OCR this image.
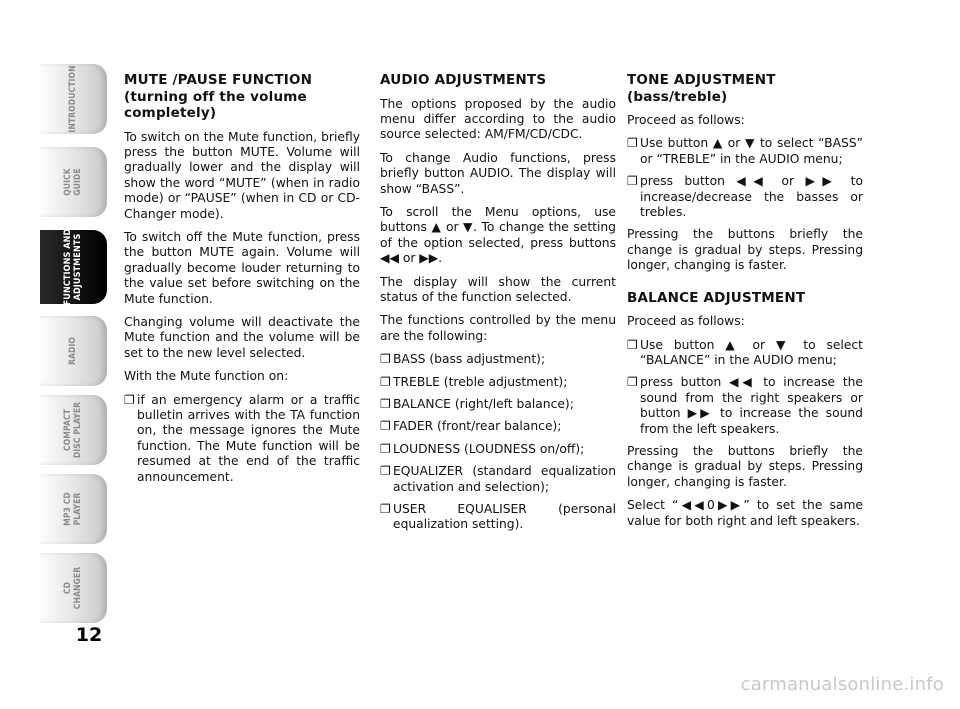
INTRODUCTION
QUICK
GUIDE
FUNCTIONS AND
ADJUSTMENTS
RADIO
COMPACT
DISC PLAYER
MP3 CD
PLAYER
CD
CHANGER
12
MUTE /PAUSE FUNCTION
(turning off the volume completely)

To switch on the Mute function, briefly press the button MUTE. Volume will gradually lower and the display will show the word “MUTE” (when in radio mode) or “PAUSE” (when in CD or CD-Changer mode).

To switch off the Mute function, press the button MUTE again. Volume will gradually become louder returning to the value set before switching on the Mute function.

Changing volume will deactivate the Mute function and the volume will be set to the new level selected.

With the Mute function on:

❐ if an emergency alarm or a traffic bulletin arrives with the TA function on, the message ignores the Mute function. The Mute function will be resumed at the end of the traffic announcement.
AUDIO ADJUSTMENTS

The options proposed by the audio menu differ according to the audio source selected: AM/FM/CD/CDC.

To change Audio functions, press briefly button AUDIO. The display will show “BASS”.

To scroll the Menu options, use buttons ▲ or ▼. To change the setting of the option selected, press buttons ◀◀ or ▶▶.

The display will show the current status of the function selected.

The functions controlled by the menu are the following:

❐ BASS (bass adjustment);
❐ TREBLE (treble adjustment);
❐ BALANCE (right/left balance);
❐ FADER (front/rear balance);
❐ LOUDNESS (LOUDNESS on/off);
❐ EQUALIZER (standard equalization activation and selection);
❐ USER EQUALISER (personal equalization setting).
TONE ADJUSTMENT
(bass/treble)

Proceed as follows:

❐ Use button ▲ or ▼ to select “BASS” or “TREBLE” in the AUDIO menu;
❐ press button ◀◀ or ▶▶ to increase/decrease the basses or trebles.

Pressing the buttons briefly the change is gradual by steps. Pressing longer, changing is faster.

BALANCE ADJUSTMENT

Proceed as follows:

❐ Use button ▲ or ▼ to select “BALANCE” in the AUDIO menu;
❐ press button ◀◀ to increase the sound from the right speakers or button ▶▶ to increase the sound from the left speakers.

Pressing the buttons briefly the change is gradual by steps. Pressing longer, changing is faster.

Select “◀◀0▶▶” to set the same value for both right and left speakers.

carmanualsonline.info
